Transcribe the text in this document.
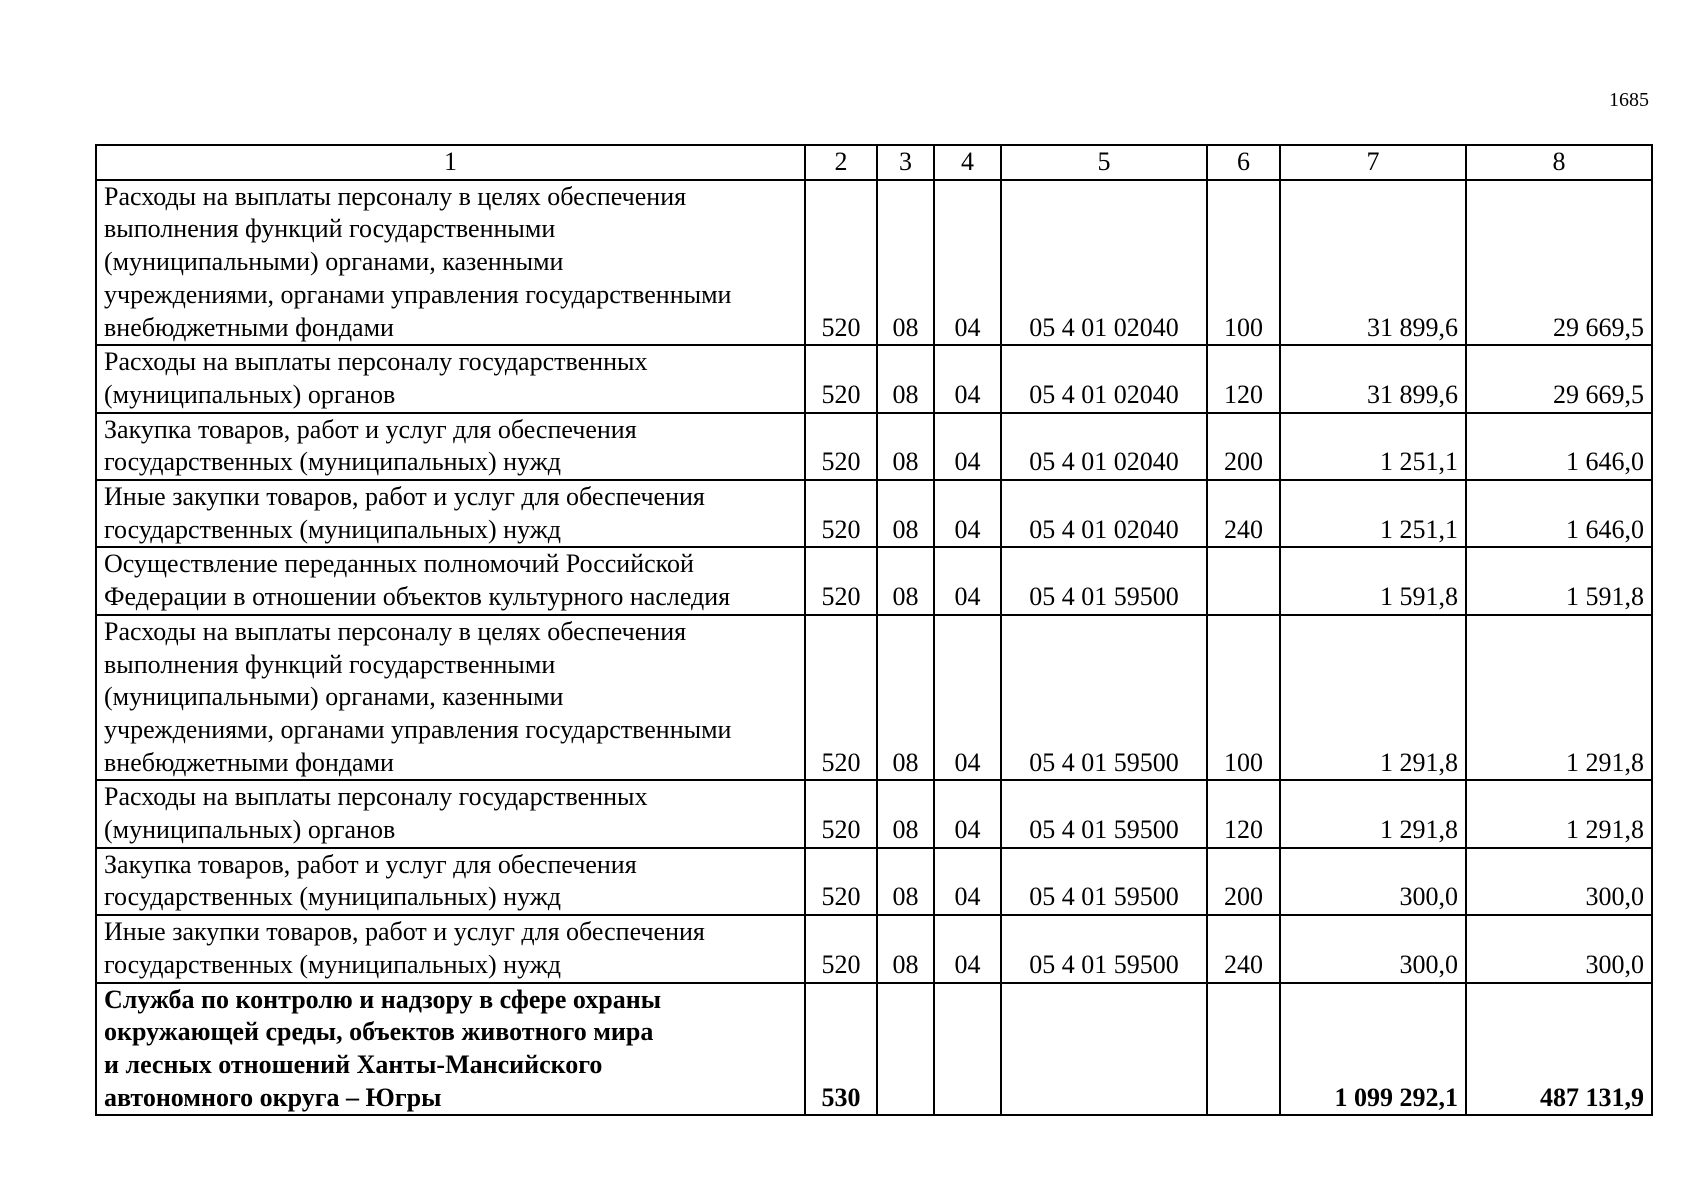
1685
1	2	3	4	5	6	7	8

Расходы на выплаты персоналу в целях обеспечения
выполнения функций государственными
(муниципальными) органами, казенными
учреждениями, органами управления государственными
внебюджетными фондами	520	08	04	05 4 01 02040	100	31 899,6	29 669,5

Расходы на выплаты персоналу государственных
(муниципальных) органов	520	08	04	05 4 01 02040	120	31 899,6	29 669,5

Закупка товаров, работ и услуг для обеспечения
государственных (муниципальных) нужд	520	08	04	05 4 01 02040	200	1 251,1	1 646,0

Иные закупки товаров, работ и услуг для обеспечения
государственных (муниципальных) нужд	520	08	04	05 4 01 02040	240	1 251,1	1 646,0

Осуществление переданных полномочий Российской
Федерации в отношении объектов культурного наследия	520	08	04	05 4 01 59500		1 591,8	1 591,8

Расходы на выплаты персоналу в целях обеспечения
выполнения функций государственными
(муниципальными) органами, казенными
учреждениями, органами управления государственными
внебюджетными фондами	520	08	04	05 4 01 59500	100	1 291,8	1 291,8

Расходы на выплаты персоналу государственных
(муниципальных) органов	520	08	04	05 4 01 59500	120	1 291,8	1 291,8

Закупка товаров, работ и услуг для обеспечения
государственных (муниципальных) нужд	520	08	04	05 4 01 59500	200	300,0	300,0

Иные закупки товаров, работ и услуг для обеспечения
государственных (муниципальных) нужд	520	08	04	05 4 01 59500	240	300,0	300,0

Служба по контролю и надзору в сфере охраны
окружающей среды, объектов животного мира
и лесных отношений Ханты-Мансийского
автономного округа – Югры	530					1 099 292,1	487 131,9
